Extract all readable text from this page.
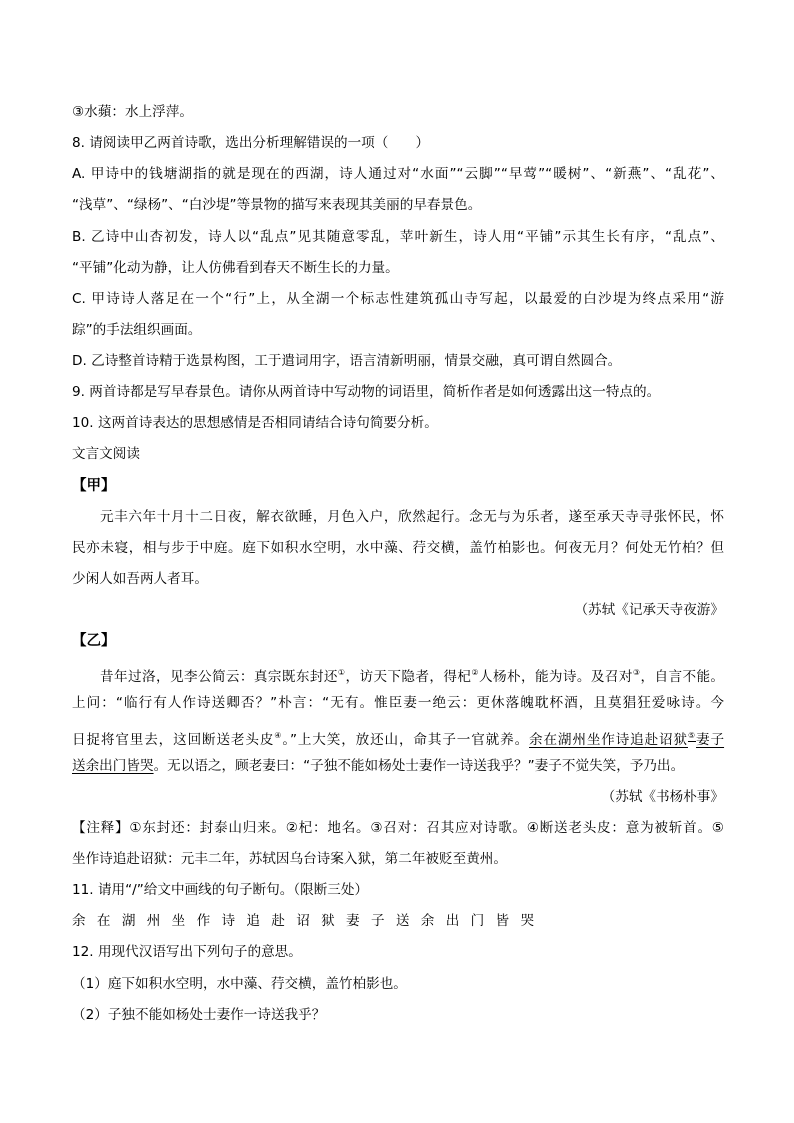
③水蘋：水上浮萍。
8. 请阅读甲乙两首诗歌，选出分析理解错误的一项（　　）
A. 甲诗中的钱塘湖指的就是现在的西湖，诗人通过对“水面”“云脚”“早莺”“暖树”、“新燕”、“乱花”、
“浅草”、“绿杨”、“白沙堤”等景物的描写来表现其美丽的早春景色。
B. 乙诗中山杏初发，诗人以“乱点”见其随意零乱，苹叶新生，诗人用“平铺”示其生长有序，“乱点”、
“平铺”化动为静，让人仿佛看到春天不断生长的力量。
C. 甲诗诗人落足在一个“行”上，从全湖一个标志性建筑孤山寺写起，以最爱的白沙堤为终点采用“游
踪”的手法组织画面。
D. 乙诗整首诗精于选景构图，工于遣词用字，语言清新明丽，情景交融，真可谓自然圆合。
9. 两首诗都是写早春景色。请你从两首诗中写动物的词语里，简析作者是如何透露出这一特点的。
10. 这两首诗表达的思想感情是否相同请结合诗句简要分析。
文言文阅读
【甲】
元丰六年十月十二日夜，解衣欲睡，月色入户，欣然起行。念无与为乐者，遂至承天寺寻张怀民，怀
民亦未寝，相与步于中庭。庭下如积水空明，水中藻、荇交横，盖竹柏影也。何夜无月？何处无竹柏？但
少闲人如吾两人者耳。
（苏轼《记承天寺夜游》
【乙】
昔年过洛，见李公简云：真宗既东封还①，访天下隐者，得杞②人杨朴，能为诗。及召对③，自言不能。
上问：“临行有人作诗送卿否？”朴言：“无有。惟臣妻一绝云：更休落魄耽杯酒，且莫猖狂爱咏诗。今
日捉将官里去，这回断送老头皮④。”上大笑，放还山，命其子一官就养。余在湖州坐作诗追赴诏狱⑤妻子
送余出门皆哭。无以语之，顾老妻曰：“子独不能如杨处士妻作一诗送我乎？”妻子不觉失笑，予乃出。
（苏轼《书杨朴事》
【注释】①东封还：封泰山归来。②杞：地名。③召对：召其应对诗歌。④断送老头皮：意为被斩首。⑤
坐作诗追赴诏狱：元丰二年，苏轼因乌台诗案入狱，第二年被贬至黄州。
11. 请用“/”给文中画线的句子断句。（限断三处）
余 在 湖 州 坐 作 诗 追 赴 诏 狱 妻 子 送 余 出 门 皆 哭
12. 用现代汉语写出下列句子的意思。
（1）庭下如积水空明，水中藻、荇交横，盖竹柏影也。
（2）子独不能如杨处士妻作一诗送我乎？
